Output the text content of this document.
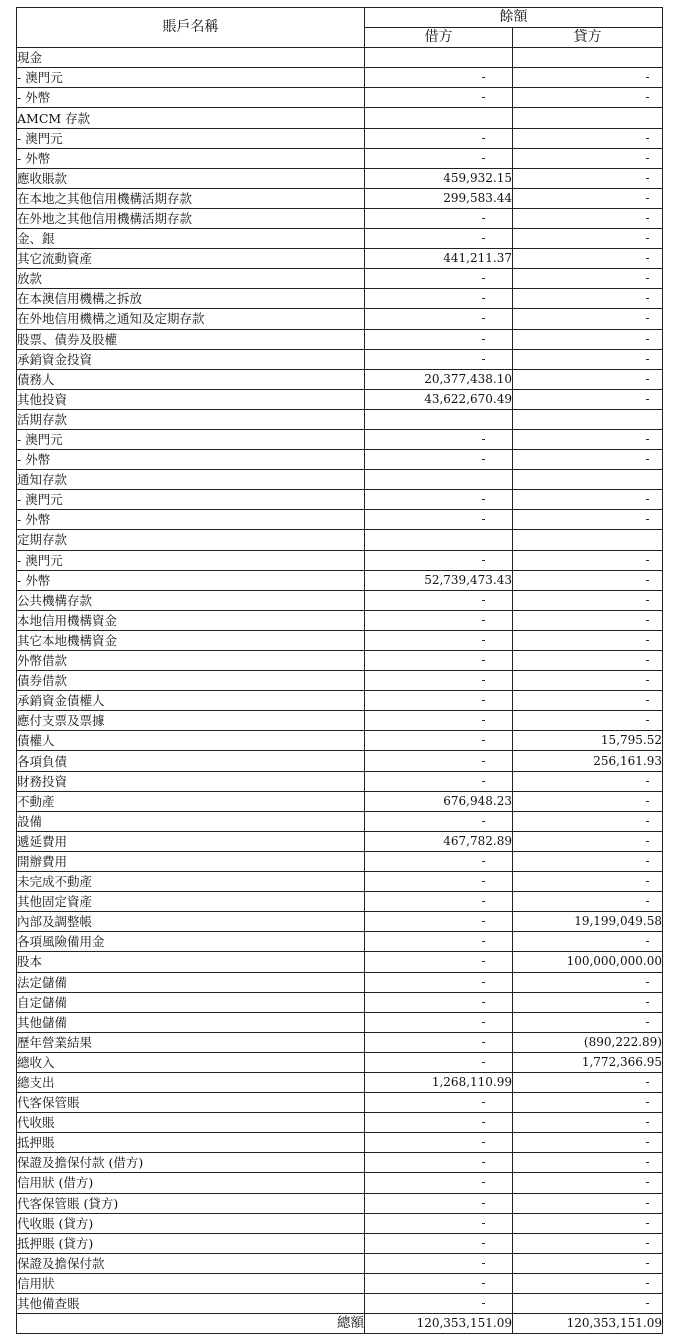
賬戶名稱	餘額	
	借方	貸方
現金		
- 澳門元	-	-
- 外幣	-	-
AMCM 存款		
- 澳門元	-	-
- 外幣	-	-
應收賬款	459,932.15	-
在本地之其他信用機構活期存款	299,583.44	-
在外地之其他信用機構活期存款	-	-
金、銀	-	-
其它流動資產	441,211.37	-
放款	-	-
在本澳信用機構之拆放	-	-
在外地信用機構之通知及定期存款	-	-
股票、債券及股權	-	-
承銷資金投資	-	-
債務人	20,377,438.10	-
其他投資	43,622,670.49	-
活期存款		
- 澳門元	-	-
- 外幣	-	-
通知存款		
- 澳門元	-	-
- 外幣	-	-
定期存款		
- 澳門元	-	-
- 外幣	52,739,473.43	-
公共機構存款	-	-
本地信用機構資金	-	-
其它本地機構資金	-	-
外幣借款	-	-
債券借款	-	-
承銷資金債權人	-	-
應付支票及票據	-	-
債權人	-	15,795.52
各項負債	-	256,161.93
財務投資	-	-
不動產	676,948.23	-
設備	-	-
遞延費用	467,782.89	-
開辦費用	-	-
未完成不動產	-	-
其他固定資產	-	-
內部及調整帳	-	19,199,049.58
各項風險備用金	-	-
股本	-	100,000,000.00
法定儲備	-	-
自定儲備	-	-
其他儲備	-	-
歷年營業結果	-	(890,222.89)
總收入	-	1,772,366.95
總支出	1,268,110.99	-
代客保管賬	-	-
代收賬	-	-
抵押賬	-	-
保證及擔保付款 (借方)	-	-
信用狀 (借方)	-	-
代客保管賬 (貸方)	-	-
代收賬 (貸方)	-	-
抵押賬 (貸方)	-	-
保證及擔保付款	-	-
信用狀	-	-
其他備查賬	-	-
總額	120,353,151.09	120,353,151.09
